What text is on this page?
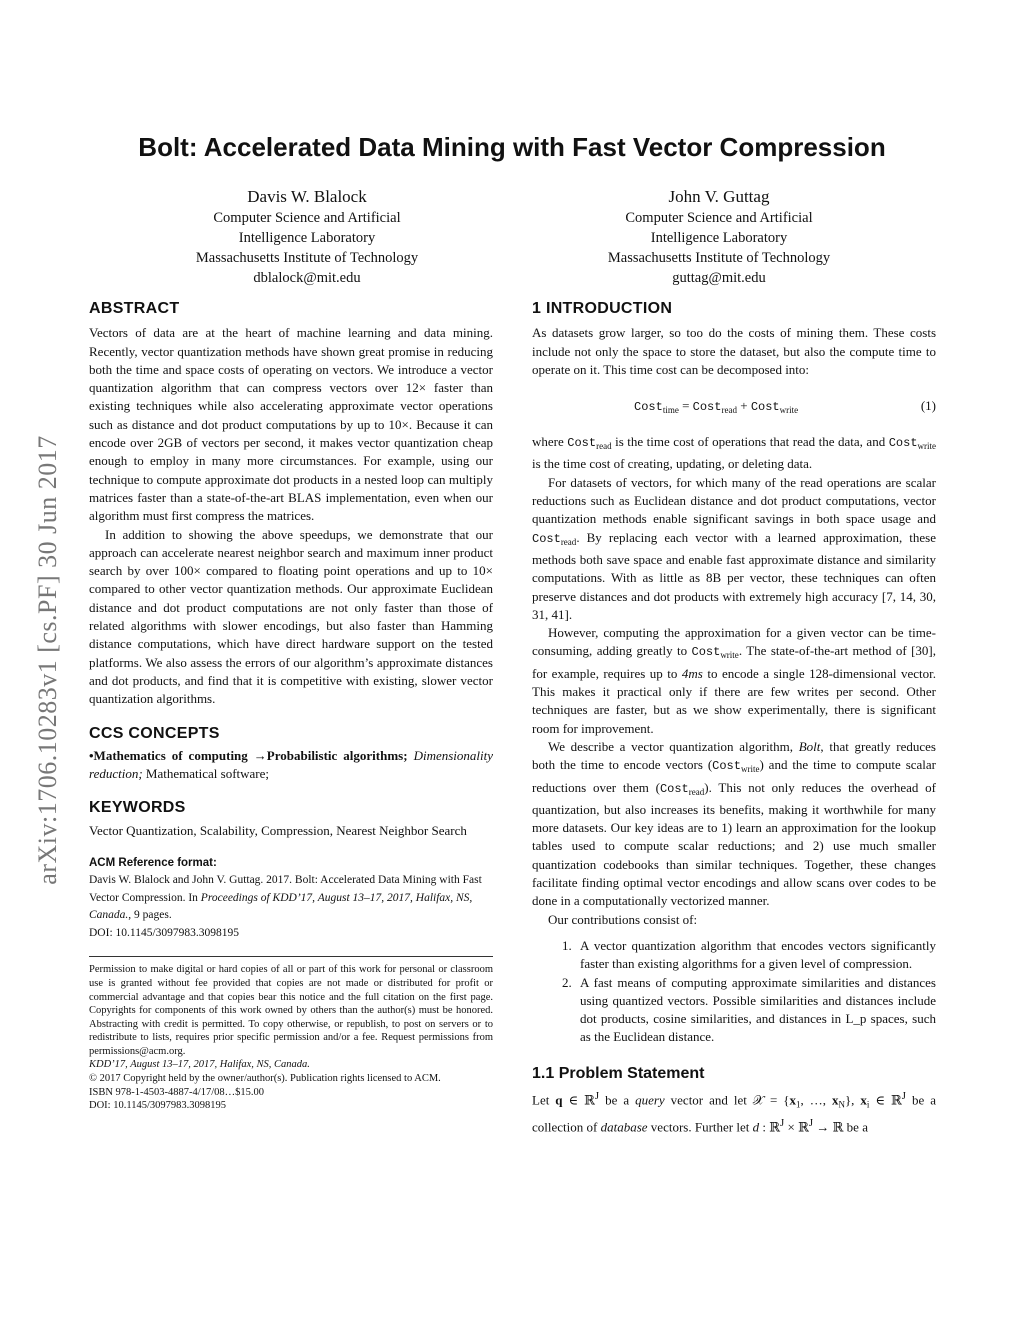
arXiv:1706.10283v1 [cs.PF] 30 Jun 2017
Bolt: Accelerated Data Mining with Fast Vector Compression
Davis W. Blalock
Computer Science and Artificial
Intelligence Laboratory
Massachusetts Institute of Technology
dblalock@mit.edu
John V. Guttag
Computer Science and Artificial
Intelligence Laboratory
Massachusetts Institute of Technology
guttag@mit.edu
ABSTRACT

Vectors of data are at the heart of machine learning and data mining. Recently, vector quantization methods have shown great promise in reducing both the time and space costs of operating on vectors. We introduce a vector quantization algorithm that can compress vectors over 12× faster than existing techniques while also accelerating approximate vector operations such as distance and dot product computations by up to 10×. Because it can encode over 2GB of vectors per second, it makes vector quantization cheap enough to employ in many more circumstances. For example, using our technique to compute approximate dot products in a nested loop can multiply matrices faster than a state-of-the-art BLAS implementation, even when our algorithm must first compress the matrices.

In addition to showing the above speedups, we demonstrate that our approach can accelerate nearest neighbor search and maximum inner product search by over 100× compared to floating point operations and up to 10× compared to other vector quantization methods. Our approximate Euclidean distance and dot product computations are not only faster than those of related algorithms with slower encodings, but also faster than Hamming distance computations, which have direct hardware support on the tested platforms. We also assess the errors of our algorithm’s approximate distances and dot products, and find that it is competitive with existing, slower vector quantization algorithms.

CCS CONCEPTS

•Mathematics of computing →Probabilistic algorithms; Dimensionality reduction; Mathematical software;

KEYWORDS

Vector Quantization, Scalability, Compression, Nearest Neighbor Search

ACM Reference format:
Davis W. Blalock and John V. Guttag. 2017. Bolt: Accelerated Data Mining with Fast Vector Compression. In Proceedings of KDD’17, August 13–17, 2017, Halifax, NS, Canada., 9 pages.
DOI: 10.1145/3097983.3098195
Permission to make digital or hard copies of all or part of this work for personal or classroom use is granted without fee provided that copies are not made or distributed for profit or commercial advantage and that copies bear this notice and the full citation on the first page. Copyrights for components of this work owned by others than the author(s) must be honored. Abstracting with credit is permitted. To copy otherwise, or republish, to post on servers or to redistribute to lists, requires prior specific permission and/or a fee. Request permissions from permissions@acm.org.
KDD’17, August 13–17, 2017, Halifax, NS, Canada.
© 2017 Copyright held by the owner/author(s). Publication rights licensed to ACM.
ISBN 978-1-4503-4887-4/17/08…$15.00
DOI: 10.1145/3097983.3098195
1 INTRODUCTION

As datasets grow larger, so too do the costs of mining them. These costs include not only the space to store the dataset, but also the compute time to operate on it. This time cost can be decomposed into:

Cost$_{time}$ = Cost$_{read}$ + Cost$_{write}$	(1)

where Cost$_{read}$ is the time cost of operations that read the data, and Cost$_{write}$ is the time cost of creating, updating, or deleting data.

For datasets of vectors, for which many of the read operations are scalar reductions such as Euclidean distance and dot product computations, vector quantization methods enable significant savings in both space usage and Cost$_{read}$. By replacing each vector with a learned approximation, these methods both save space and enable fast approximate distance and similarity computations. With as little as 8B per vector, these techniques can often preserve distances and dot products with extremely high accuracy [7, 14, 30, 31, 41].

However, computing the approximation for a given vector can be time-consuming, adding greatly to Cost$_{write}$. The state-of-the-art method of [30], for example, requires up to 4ms to encode a single 128-dimensional vector. This makes it practical only if there are few writes per second. Other techniques are faster, but as we show experimentally, there is significant room for improvement.

We describe a vector quantization algorithm, Bolt, that greatly reduces both the time to encode vectors (Cost$_{write}$) and the time to compute scalar reductions over them (Cost$_{read}$). This not only reduces the overhead of quantization, but also increases its benefits, making it worthwhile for many more datasets. Our key ideas are to 1) learn an approximation for the lookup tables used to compute scalar reductions; and 2) use much smaller quantization codebooks than similar techniques. Together, these changes facilitate finding optimal vector encodings and allow scans over codes to be done in a computationally vectorized manner.

Our contributions consist of:

1. A vector quantization algorithm that encodes vectors significantly faster than existing algorithms for a given level of compression.
2. A fast means of computing approximate similarities and distances using quantized vectors. Possible similarities and distances include dot products, cosine similarities, and distances in L_p spaces, such as the Euclidean distance.
1.1 Problem Statement

Let q ∈ ℝ$^J$ be a query vector and let 𝒳 = {$x_1$, …, $x_N$}, $x_i$ ∈ ℝ$^J$ be a collection of database vectors. Further let d : ℝ$^J$ × ℝ$^J$ → ℝ be a
